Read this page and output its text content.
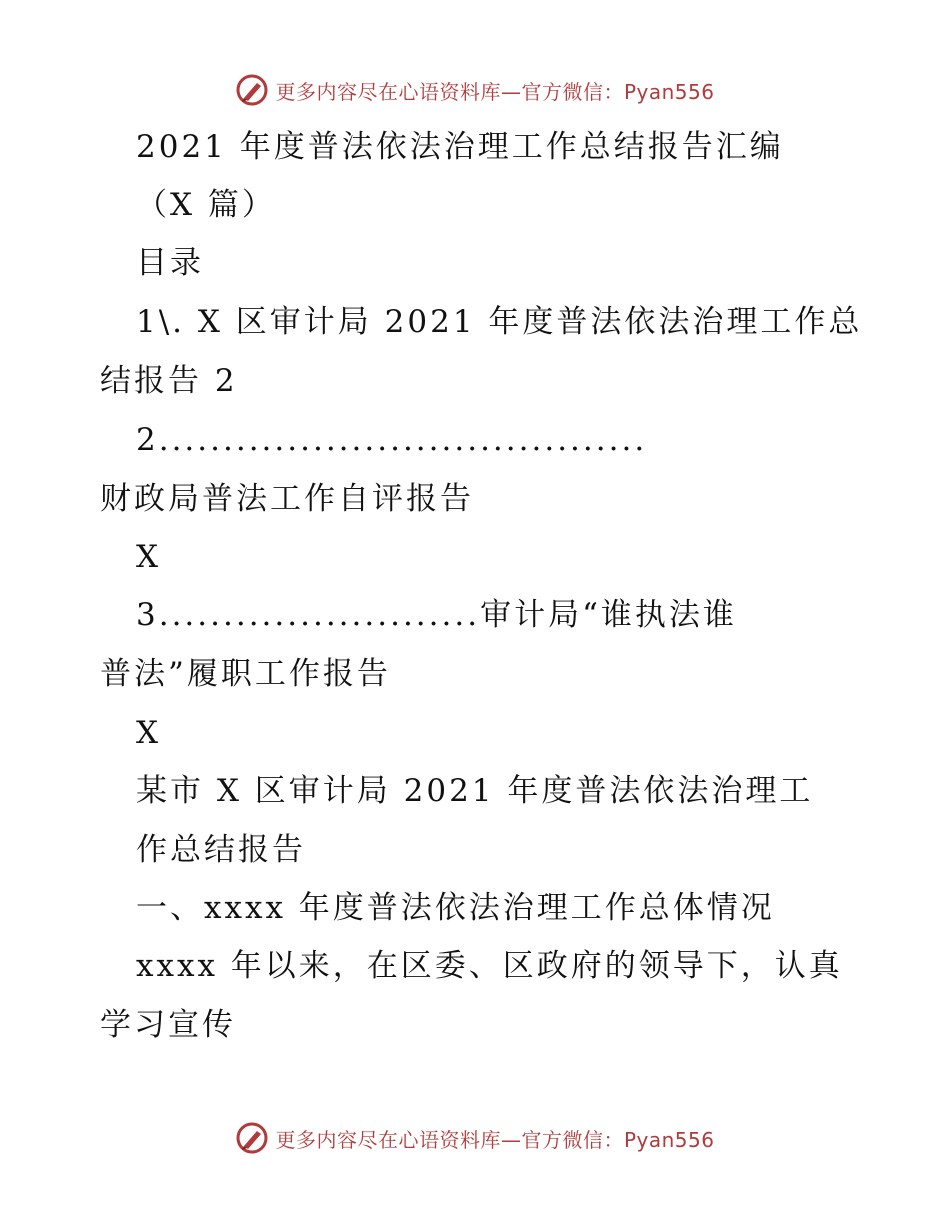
更多内容尽在心语资料库—官方微信：Pyan556
2021 年度普法依法治理工作总结报告汇编
（X 篇）
目录
1\. X 区审计局 2021 年度普法依法治理工作总
结报告 2
2......................................
财政局普法工作自评报告
X
3.........................审计局“谁执法谁
普法”履职工作报告
X
某市 X 区审计局 2021 年度普法依法治理工
作总结报告
一、xxxx 年度普法依法治理工作总体情况
xxxx 年以来，在区委、区政府的领导下，认真
学习宣传
更多内容尽在心语资料库—官方微信：Pyan556
